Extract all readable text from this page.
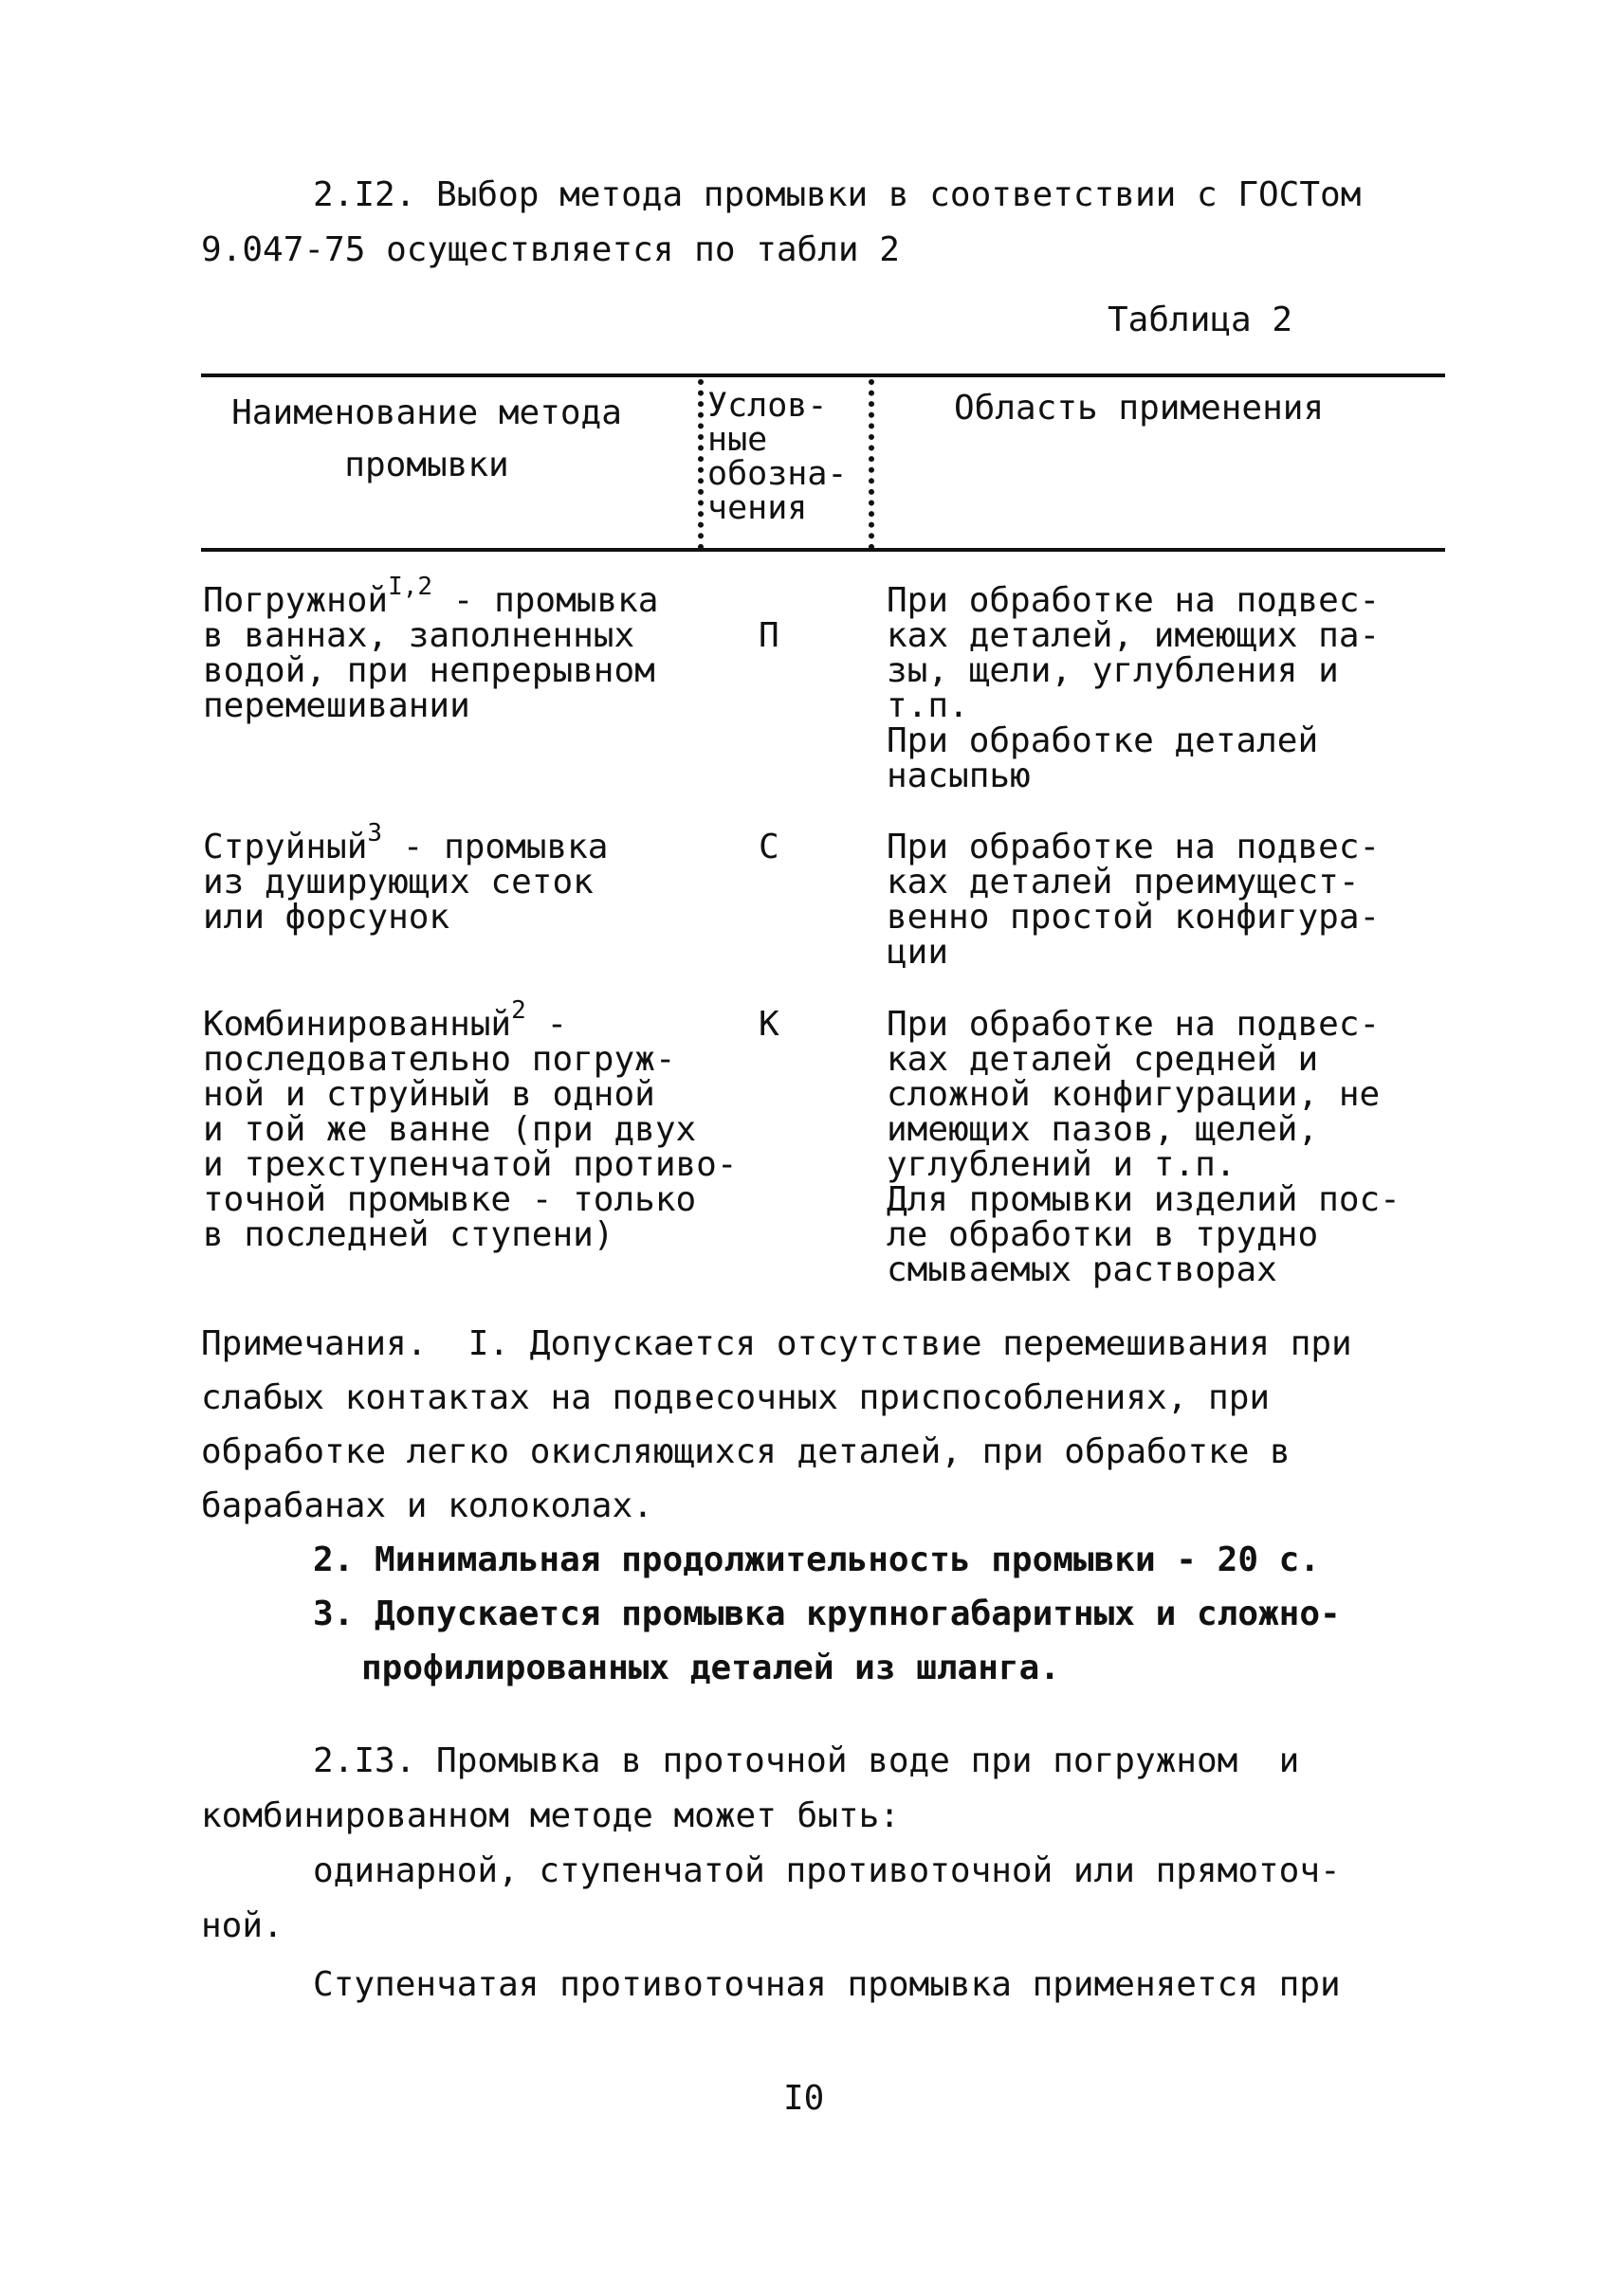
2.I2. Выбор метода промывки в соответствии с ГОСТом
9.047-75 осуществляется по табли 2
Таблица 2
Наименование метода промывки
Услов-
ные
обозна-
чения
Область применения
Погружной$^{I,2}$ - промывка
в ваннах, заполненных
водой, при непрерывном
перемешивании
П
При обработке на подвес-
ках деталей, имеющих па-
зы, щели, углубления и
т.п.
При обработке деталей
насыпью
Струйный$^3$ - промывка
из душирующих сеток
или форсунок
С	При обработке на подвес-
ках деталей преимущест-
венно простой конфигура-
ции
Комбинированный$^2$ -
последовательно погруж-
ной и струйный в одной
и той же ванне (при двух
и трехступенчатой противо-
точной промывке - только
в последней ступени)
К	При обработке на подвес-
ках деталей средней и
сложной конфигурации, не
имеющих пазов, щелей,
углублений и т.п.
Для промывки изделий пос-
ле обработки в трудно
смываемых растворах
Примечания.  I. Допускается отсутствие перемешивания при
слабых контактах на подвесочных приспособлениях, при
обработке легко окисляющихся деталей, при обработке в
барабанах и колоколах.
2. Минимальная продолжительность промывки - 20 с.
3. Допускается промывка крупногабаритных и сложно-
профилированных деталей из шланга.
2.I3. Промывка в проточной воде при погружном  и
комбинированном методе может быть:
одинарной, ступенчатой противоточной или прямоточ-
ной.
Ступенчатая противоточная промывка применяется при
I0
